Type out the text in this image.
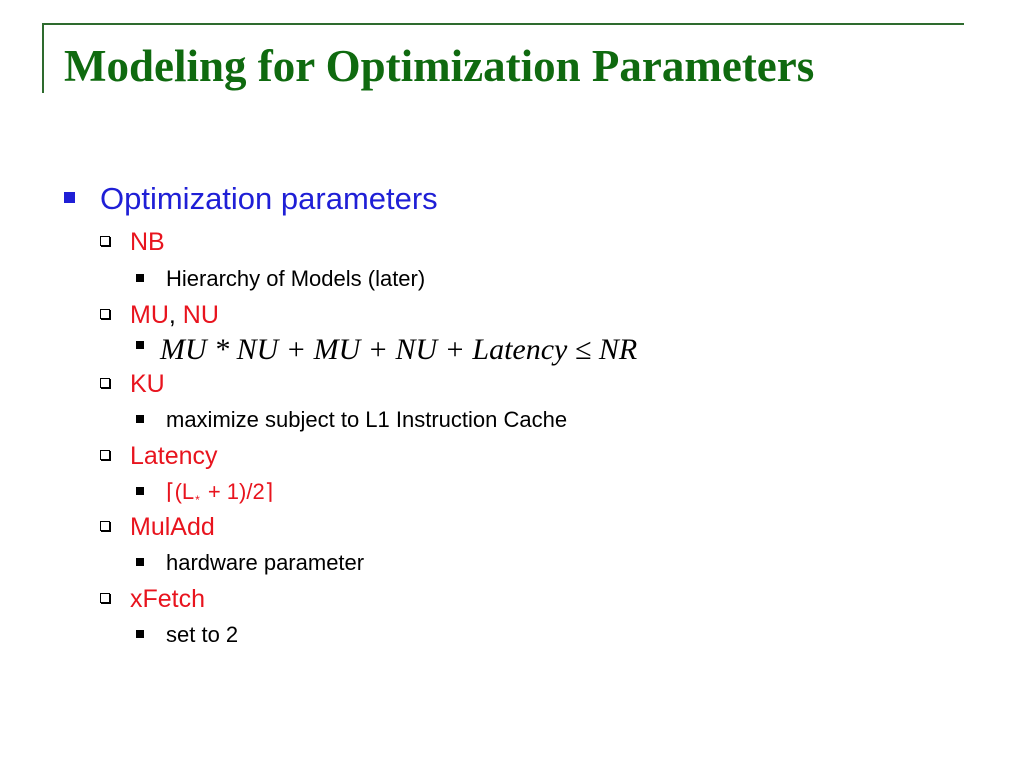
Modeling for Optimization Parameters
Optimization parameters
NB
Hierarchy of Models (later)
MU, NU
MU * NU + MU + NU + Latency ≤ NR
KU
maximize subject to L1 Instruction Cache
Latency
$⌈(L_*$ + 1)/2⌉
MulAdd
hardware parameter
xFetch
set to 2
